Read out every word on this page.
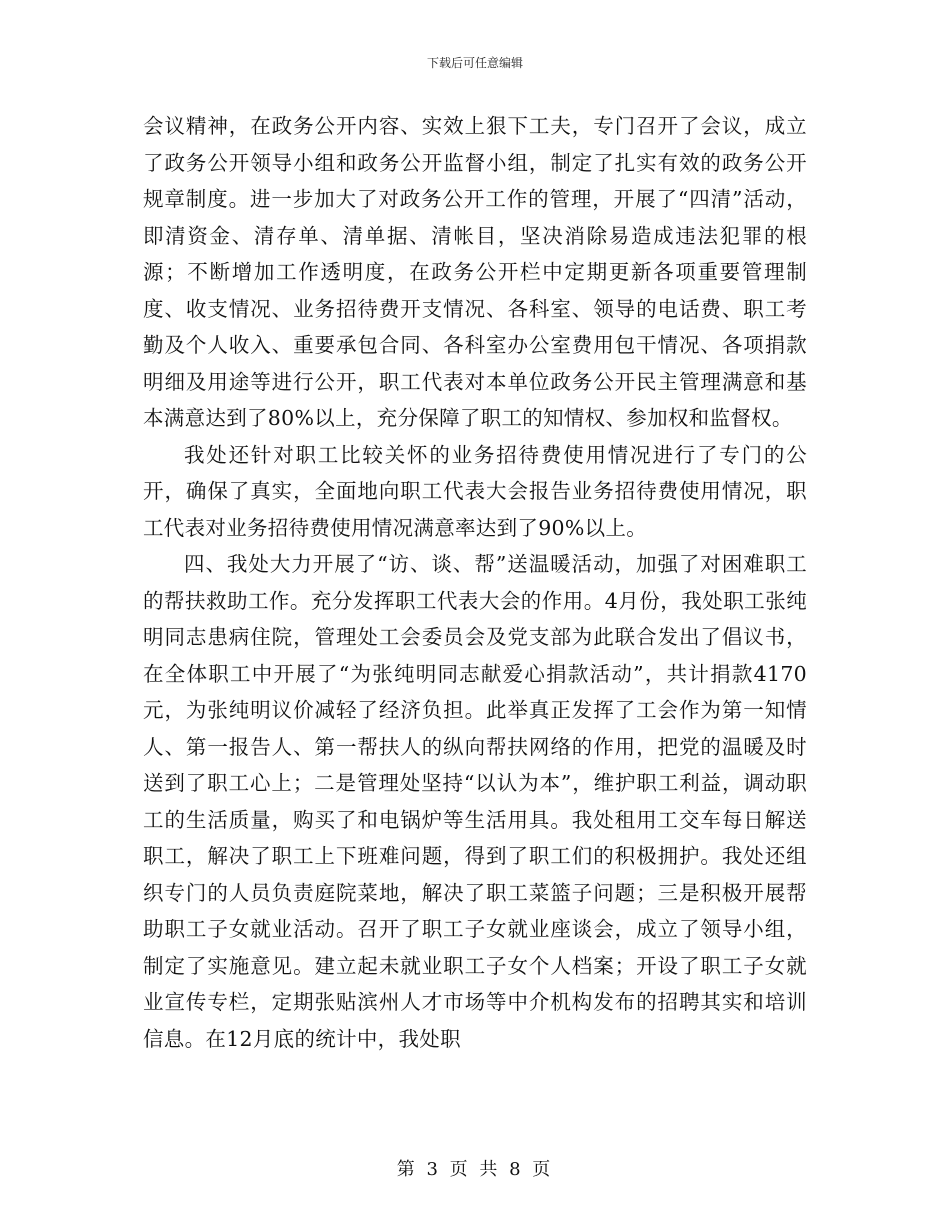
下载后可任意编辑

会议精神，在政务公开内容、实效上狠下工夫，专门召开了会议，成立了政务公开领导小组和政务公开监督小组，制定了扎实有效的政务公开规章制度。进一步加大了对政务公开工作的管理，开展了“四清”活动，即清资金、清存单、清单据、清帐目，坚决消除易造成违法犯罪的根源；不断增加工作透明度，在政务公开栏中定期更新各项重要管理制度、收支情况、业务招待费开支情况、各科室、领导的电话费、职工考勤及个人收入、重要承包合同、各科室办公室费用包干情况、各项捐款明细及用途等进行公开，职工代表对本单位政务公开民主管理满意和基本满意达到了80%以上，充分保障了职工的知情权、参加权和监督权。

我处还针对职工比较关怀的业务招待费使用情况进行了专门的公开，确保了真实，全面地向职工代表大会报告业务招待费使用情况，职工代表对业务招待费使用情况满意率达到了90%以上。

四、我处大力开展了“访、谈、帮”送温暖活动，加强了对困难职工的帮扶救助工作。充分发挥职工代表大会的作用。4月份，我处职工张纯明同志患病住院，管理处工会委员会及党支部为此联合发出了倡议书，在全体职工中开展了“为张纯明同志献爱心捐款活动”，共计捐款4170元，为张纯明议价减轻了经济负担。此举真正发挥了工会作为第一知情人、第一报告人、第一帮扶人的纵向帮扶网络的作用，把党的温暖及时送到了职工心上；二是管理处坚持“以认为本”，维护职工利益，调动职工的生活质量，购买了和电锅炉等生活用具。我处租用工交车每日解送职工，解决了职工上下班难问题，得到了职工们的积极拥护。我处还组织专门的人员负责庭院菜地，解决了职工菜篮子问题；三是积极开展帮助职工子女就业活动。召开了职工子女就业座谈会，成立了领导小组，制定了实施意见。建立起未就业职工子女个人档案；开设了职工子女就业宣传专栏，定期张贴滨州人才市场等中介机构发布的招聘其实和培训信息。在12月底的统计中，我处职

第 3 页 共 8 页
